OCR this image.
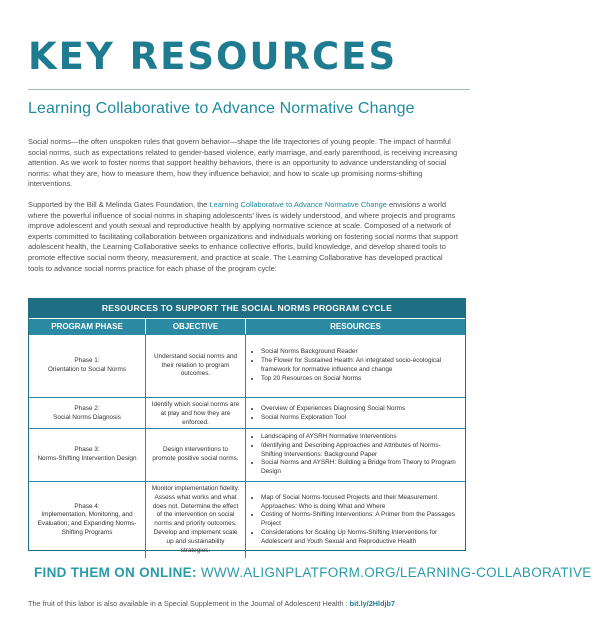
KEY RESOURCES
Learning Collaborative to Advance Normative Change
Social norms—the often unspoken rules that govern behavior—shape the life trajectories of young people. The impact of harmful social norms, such as expectations related to gender-based violence, early marriage, and early parenthood, is receiving increasing attention. As we work to foster norms that support healthy behaviors, there is an opportunity to advance understanding of social norms: what they are, how to measure them, how they influence behavior, and how to scale up promising norms-shifting interventions.
Supported by the Bill & Melinda Gates Foundation, the Learning Collaborative to Advance Normative Change envisions a world where the powerful influence of social norms in shaping adolescents' lives is widely understood, and where projects and programs improve adolescent and youth sexual and reproductive health by applying normative science at scale. Composed of a network of experts committed to facilitating collaboration between organizations and individuals working on fostering social norms that support adolescent health, the Learning Collaborative seeks to enhance collective efforts, build knowledge, and develop shared tools to promote effective social norm theory, measurement, and practice at scale. The Learning Collaborative has developed practical tools to advance social norms practice for each phase of the program cycle:
RESOURCES TO SUPPORT THE SOCIAL NORMS PROGRAM CYCLE
PROGRAM PHASE	OBJECTIVE	RESOURCES
Phase 1:
Orientation to Social Norms
Understand social norms and their relation to program outcomes.
• Social Norms Background Reader
• The Flower for Sustained Health: An integrated socio-ecological framework for normative influence and change
• Top 20 Resources on Social Norms
Phase 2:
Social Norms Diagnosis
Identify which social norms are at play and how they are enforced.
• Overview of Experiences Diagnosing Social Norms
• Social Norms Exploration Tool
Phase 3:
Norms-Shifting Intervention Design
Design interventions to promote positive social norms.
• Landscaping of AYSRH Normative Interventions
• Identifying and Describing Approaches and Attributes of Norms-Shifting Interventions: Background Paper
• Social Norms and AYSRH: Building a Bridge from Theory to Program Design
Phase 4:
Implementation, Monitoring, and Evaluation; and Expanding Norms-Shifting Programs
Monitor implementation fidelity. Assess what works and what does not. Determine the effect of the intervention on social norms and priority outcomes. Develop and implement scale up and sustainability strategies.
• Map of Social Norms-focused Projects and their Measurement Approaches: Who is doing What and Where
• Costing of Norms-Shifting Interventions: A Primer from the Passages Project
• Considerations for Scaling Up Norms-Shifting Interventions for Adolescent and Youth Sexual and Reproductive Health
FIND THEM ON ONLINE: WWW.ALIGNPLATFORM.ORG/LEARNING-COLLABORATIVE
The fruit of this labor is also available in a Special Supplement in the Journal of Adolescent Health : bit.ly/2Hldjb7
